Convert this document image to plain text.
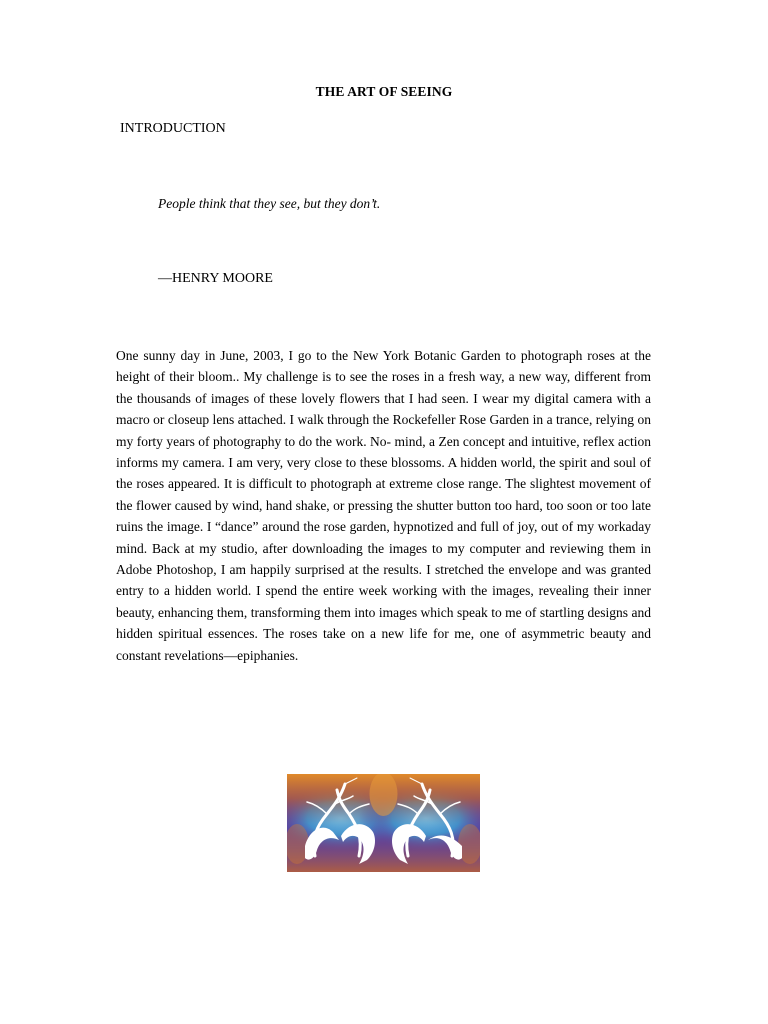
THE ART OF SEEING
INTRODUCTION
People think that they see, but they don’t.
—HENRY MOORE
One sunny day in June, 2003, I go to the New York Botanic Garden to photograph roses at the height of their bloom.. My challenge is to see the roses in a fresh way, a new way, different from the thousands of images of these lovely flowers that I had seen. I wear my digital camera with a macro or closeup lens attached. I walk through the Rockefeller Rose Garden in a trance, relying on my forty years of photography to do the work. No- mind, a Zen concept and intuitive, reflex action informs my camera. I am very, very close to these blossoms. A hidden world, the spirit and soul of the roses appeared. It is difficult to photograph at extreme close range. The slightest movement of the flower caused by wind, hand shake, or pressing the shutter button too hard, too soon or too late ruins the image. I “dance” around the rose garden, hypnotized and full of joy, out of my workaday mind. Back at my studio, after downloading the images to my computer and reviewing them in Adobe Photoshop, I am happily surprised at the results. I stretched the envelope and was granted entry to a hidden world. I spend the entire week working with the images, revealing their inner beauty, enhancing them, transforming them into images which speak to me of startling designs and hidden spiritual essences. The roses take on a new life for me, one of asymmetric beauty and constant revelations—epiphanies.
